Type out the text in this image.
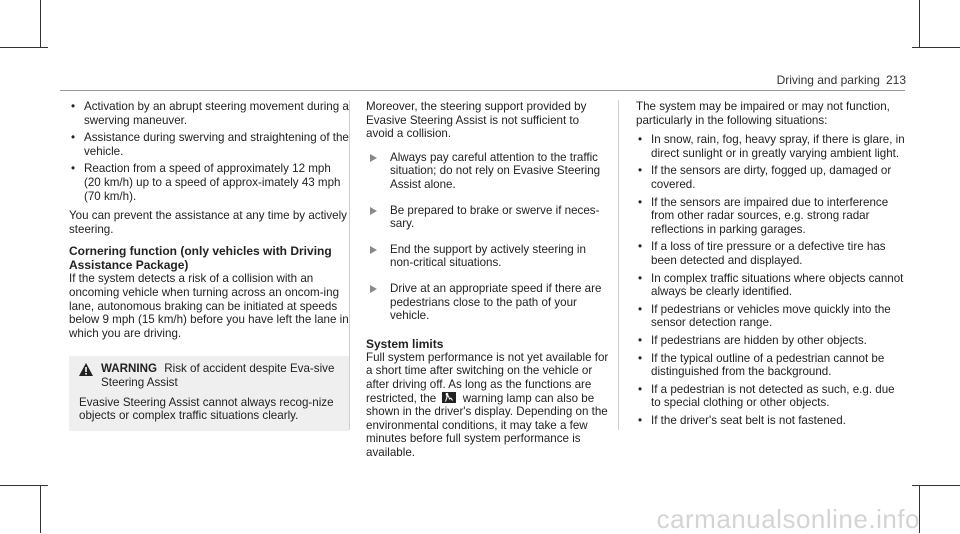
Driving and parking 213
• Activation by an abrupt steering movement during a swerving maneuver.
• Assistance during swerving and straightening of the vehicle.
• Reaction from a speed of approximately 12 mph (20 km/h) up to a speed of approx-imately 43 mph (70 km/h).

You can prevent the assistance at any time by actively steering.

Cornering function (only vehicles with Driving Assistance Package)

If the system detects a risk of a collision with an oncoming vehicle when turning across an oncom-ing lane, autonomous braking can be initiated at speeds below 9 mph (15 km/h) before you have left the lane in which you are driving.

WARNING Risk of accident despite Eva-sive Steering Assist
Evasive Steering Assist cannot always recog-nize objects or complex traffic situations clearly.

Moreover, the steering support provided by Evasive Steering Assist is not sufficient to avoid a collision.

Always pay careful attention to the traffic situation; do not rely on Evasive Steering Assist alone.
Be prepared to brake or swerve if neces-sary.
End the support by actively steering in non-critical situations.
Drive at an appropriate speed if there are pedestrians close to the path of your vehicle.
System limits

Full system performance is not yet available for a short time after switching on the vehicle or after driving off. As long as the functions are restricted, the warning lamp can also be shown in the driver's display. Depending on the environmental conditions, it may take a few minutes before full system performance is available.

The system may be impaired or may not function, particularly in the following situations:

• In snow, rain, fog, heavy spray, if there is glare, in direct sunlight or in greatly varying ambient light.
• If the sensors are dirty, fogged up, damaged or covered.
• If the sensors are impaired due to interference from other radar sources, e.g. strong radar reflections in parking garages.
• If a loss of tire pressure or a defective tire has been detected and displayed.
• In complex traffic situations where objects cannot always be clearly identified.
• If pedestrians or vehicles move quickly into the sensor detection range.
• If pedestrians are hidden by other objects.
• If the typical outline of a pedestrian cannot be distinguished from the background.
• If a pedestrian is not detected as such, e.g. due to special clothing or other objects.
• If the driver's seat belt is not fastened.
carmanualsonline.info
